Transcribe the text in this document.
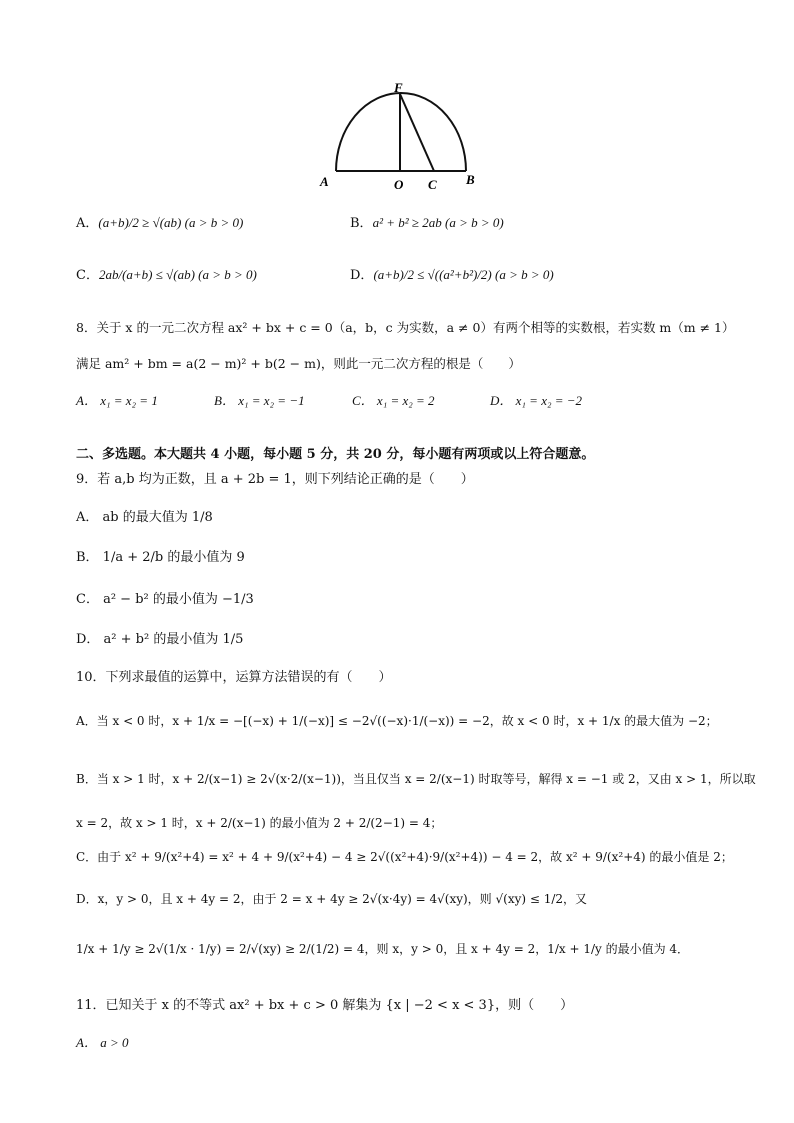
F
A	O C B
A．(a+b)/2 ≥ √(ab) (a > b > 0)	B．a² + b² ≥ 2ab (a > b > 0)
C．2ab/(a+b) ≤ √(ab) (a > b > 0)	D．(a+b)/2 ≤ √((a²+b²)/2) (a > b > 0)
8．关于 x 的一元二次方程 ax² + bx + c = 0（a，b，c 为实数，a ≠ 0）有两个相等的实数根，若实数 m（m ≠ 1）
满足 am² + bm = a(2 − m)² + b(2 − m)，则此一元二次方程的根是（　　）
A． x₁ = x₂ = 1	B． x₁ = x₂ = −1	C． x₁ = x₂ = 2	D． x₁ = x₂ = −2
二、多选题。本大题共 4 小题，每小题 5 分，共 20 分，每小题有两项或以上符合题意。
9．若 a,b 均为正数，且 a + 2b = 1，则下列结论正确的是（　　）
A． ab 的最大值为 1/8
B． 1/a + 2/b 的最小值为 9
C． a² − b² 的最小值为 −1/3
D． a² + b² 的最小值为 1/5
10．下列求最值的运算中，运算方法错误的有（　　）
A．当 x < 0 时，x + 1/x = −[(−x) + 1/(−x)] ≤ −2√((−x)·1/(−x)) = −2，故 x < 0 时，x + 1/x 的最大值为 −2；
B．当 x > 1 时，x + 2/(x−1) ≥ 2√(x·2/(x−1))，当且仅当 x = 2/(x−1) 时取等号，解得 x = −1 或 2，又由 x > 1，所以取
x = 2，故 x > 1 时，x + 2/(x−1) 的最小值为 2 + 2/(2−1) = 4；
C．由于 x² + 9/(x²+4) = x² + 4 + 9/(x²+4) − 4 ≥ 2√((x²+4)·9/(x²+4)) − 4 = 2，故 x² + 9/(x²+4) 的最小值是 2；
D．x，y > 0，且 x + 4y = 2，由于 2 = x + 4y ≥ 2√(x·4y) = 4√(xy)，则 √(xy) ≤ 1/2，又
1/x + 1/y ≥ 2√(1/x · 1/y) = 2/√(xy) ≥ 2/(1/2) = 4，则 x，y > 0，且 x + 4y = 2，1/x + 1/y 的最小值为 4．
11．已知关于 x 的不等式 ax² + bx + c > 0 解集为 {x | −2 < x < 3}，则（　　）
A． a > 0
